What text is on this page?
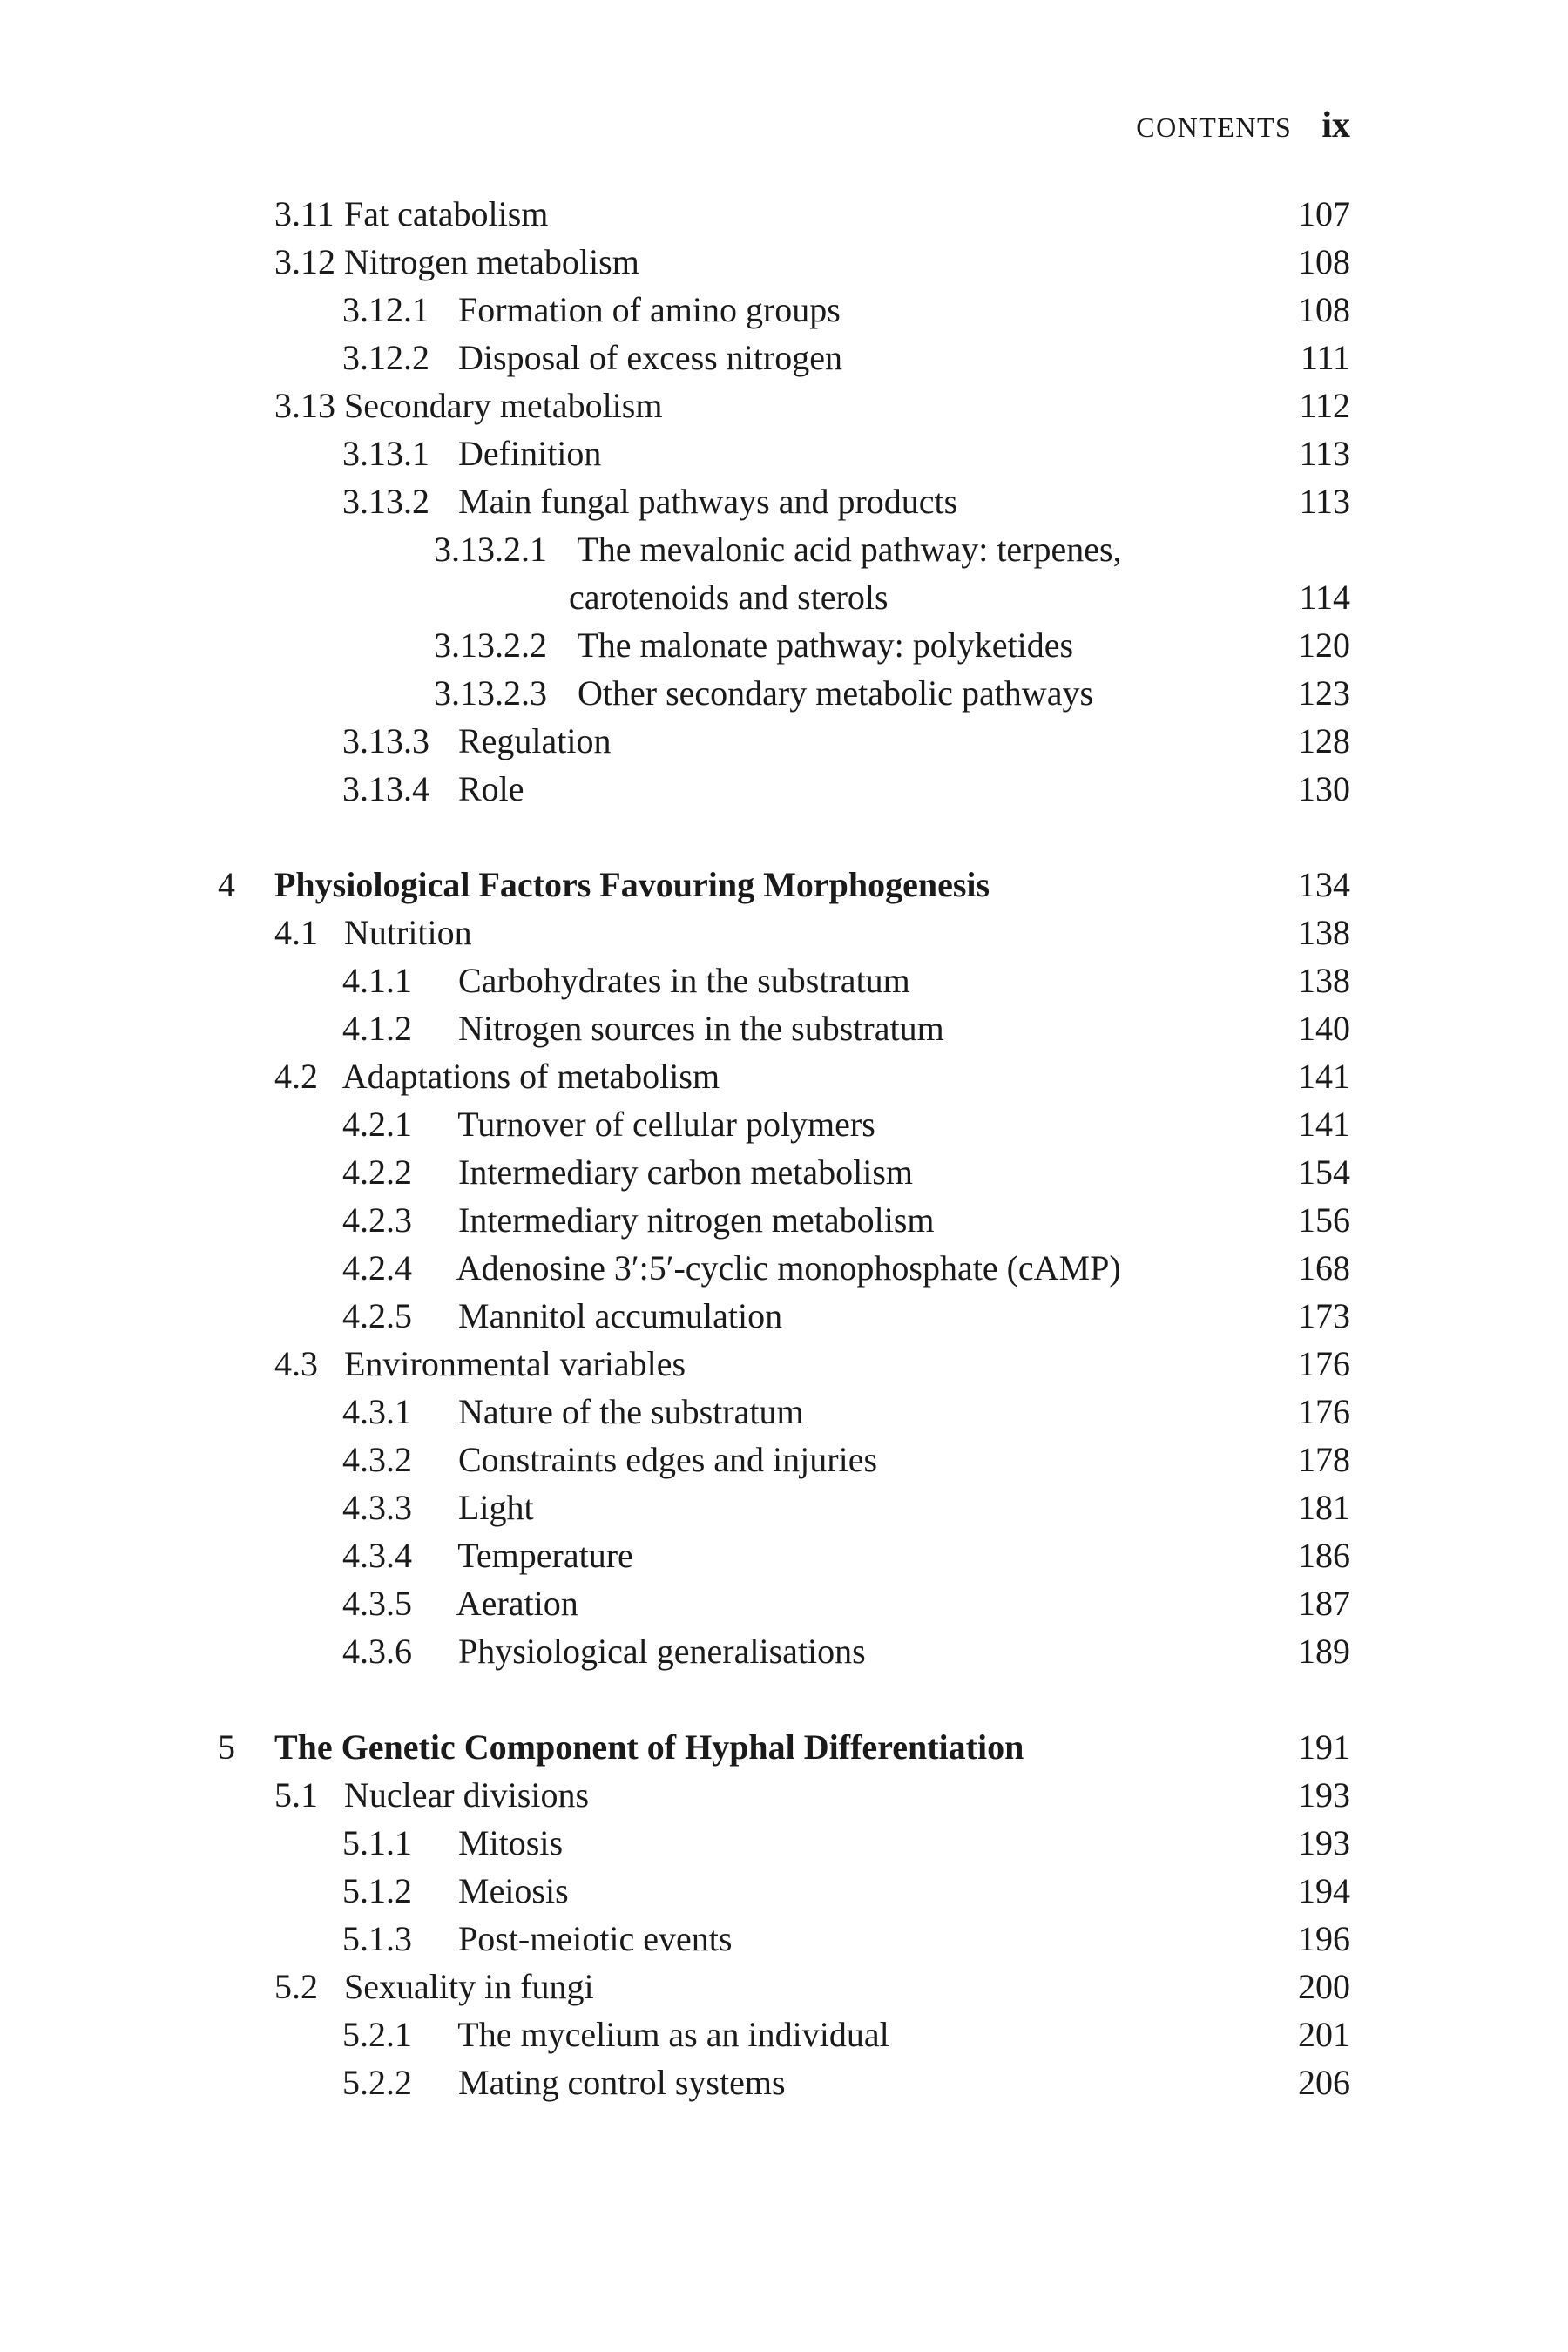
CONTENTS ix
3.11 Fat catabolism	107
3.12 Nitrogen metabolism	108
3.12.1 Formation of amino groups	108
3.12.2 Disposal of excess nitrogen	111
3.13 Secondary metabolism	112
3.13.1 Definition	113
3.13.2 Main fungal pathways and products	113
3.13.2.1 The mevalonic acid pathway: terpenes,
carotenoids and sterols	114
3.13.2.2 The malonate pathway: polyketides	120
3.13.2.3 Other secondary metabolic pathways	123
3.13.3 Regulation	128
3.13.4 Role	130
4 Physiological Factors Favouring Morphogenesis	134
4.1 Nutrition	138
4.1.1 Carbohydrates in the substratum	138
4.1.2 Nitrogen sources in the substratum	140
4.2 Adaptations of metabolism	141
4.2.1 Turnover of cellular polymers	141
4.2.2 Intermediary carbon metabolism	154
4.2.3 Intermediary nitrogen metabolism	156
4.2.4 Adenosine 3′:5′-cyclic monophosphate (cAMP)	168
4.2.5 Mannitol accumulation	173
4.3 Environmental variables	176
4.3.1 Nature of the substratum	176
4.3.2 Constraints edges and injuries	178
4.3.3 Light	181
4.3.4 Temperature	186
4.3.5 Aeration	187
4.3.6 Physiological generalisations	189
5 The Genetic Component of Hyphal Differentiation	191
5.1 Nuclear divisions	193
5.1.1 Mitosis	193
5.1.2 Meiosis	194
5.1.3 Post-meiotic events	196
5.2 Sexuality in fungi	200
5.2.1 The mycelium as an individual	201
5.2.2 Mating control systems	206
